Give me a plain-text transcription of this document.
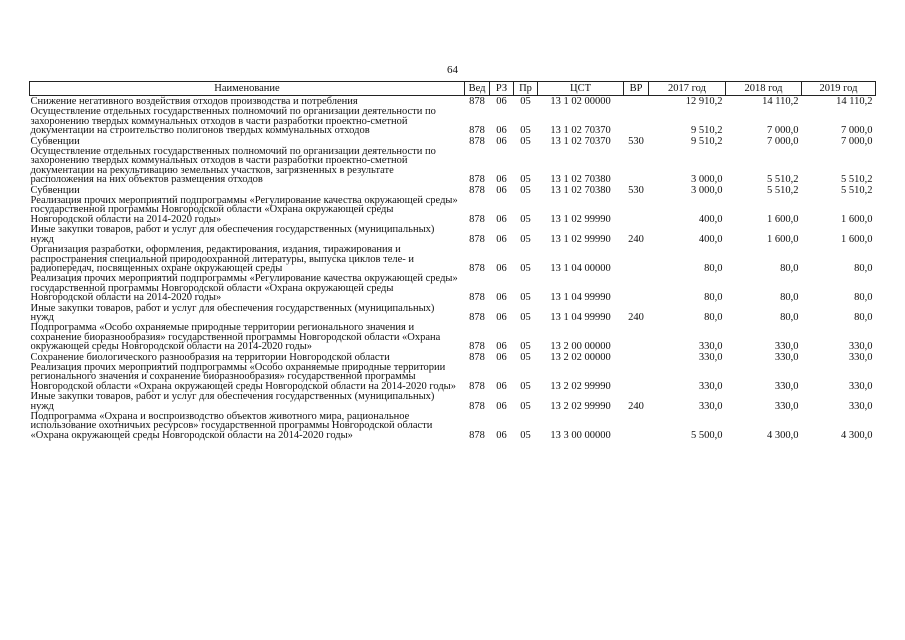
64
Наименование	Вед	РЗ	Пр	ЦСТ	ВР	2017 год	2018 год	2019 год
Снижение негативного воздействия отходов производства и потребления	878	06	05	13 1 02 00000		12 910,2	14 110,2	14 110,2
Осуществление отдельных государственных полномочий по организации деятельности по захоронению твердых коммунальных отходов в части разработки проектно-сметной документации на строительство полигонов твердых коммунальных отходов	878	06	05	13 1 02 70370		9 510,2	7 000,0	7 000,0
Субвенции	878	06	05	13 1 02 70370	530	9 510,2	7 000,0	7 000,0
Осуществление отдельных государственных полномочий по организации деятельности по захоронению твердых коммунальных отходов в части разработки проектно-сметной документации на рекультивацию земельных участков, загрязненных в результате расположения на них объектов размещения отходов	878	06	05	13 1 02 70380		3 000,0	5 510,2	5 510,2
Субвенции	878	06	05	13 1 02 70380	530	3 000,0	5 510,2	5 510,2
Реализация прочих мероприятий подпрограммы «Регулирование качества окружающей среды» государственной программы Новгородской области «Охрана окружающей среды Новгородской области на 2014-2020 годы»	878	06	05	13 1 02 99990		400,0	1 600,0	1 600,0
Иные закупки товаров, работ и услуг для обеспечения государственных (муниципальных) нужд	878	06	05	13 1 02 99990	240	400,0	1 600,0	1 600,0
Организация разработки, оформления, редактирования, издания, тиражирования и распространения специальной природоохранной литературы, выпуска циклов теле- и радиопередач, посвященных охране окружающей среды	878	06	05	13 1 04 00000		80,0	80,0	80,0
Реализация прочих мероприятий подпрограммы «Регулирование качества окружающей среды» государственной программы Новгородской области «Охрана окружающей среды Новгородской области на 2014-2020 годы»	878	06	05	13 1 04 99990		80,0	80,0	80,0
Иные закупки товаров, работ и услуг для обеспечения государственных (муниципальных) нужд	878	06	05	13 1 04 99990	240	80,0	80,0	80,0
Подпрограмма «Особо охраняемые природные территории регионального значения и сохранение биоразнообразия» государственной программы Новгородской области «Охрана окружающей среды Новгородской области на 2014-2020 годы»	878	06	05	13 2 00 00000		330,0	330,0	330,0
Сохранение биологического разнообразия на территории Новгородской области	878	06	05	13 2 02 00000		330,0	330,0	330,0
Реализация прочих мероприятий подпрограммы «Особо охраняемые природные территории регионального значения и сохранение биоразнообразия» государственной программы Новгородской области «Охрана окружающей среды Новгородской области на 2014-2020 годы»	878	06	05	13 2 02 99990		330,0	330,0	330,0
Иные закупки товаров, работ и услуг для обеспечения государственных (муниципальных) нужд	878	06	05	13 2 02 99990	240	330,0	330,0	330,0
Подпрограмма «Охрана и воспроизводство объектов животного мира, рациональное использование охотничьих ресурсов» государственной программы Новгородской области «Охрана окружающей среды Новгородской области на 2014-2020 годы»	878	06	05	13 3 00 00000		5 500,0	4 300,0	4 300,0
